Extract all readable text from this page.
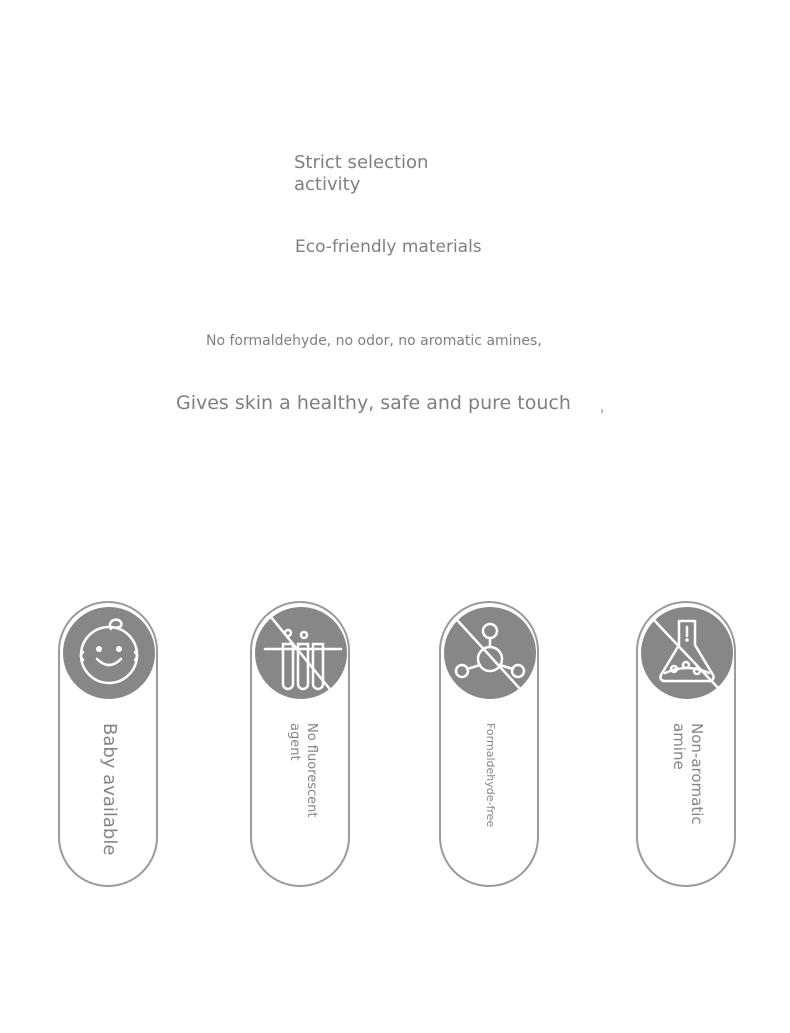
Strict selection activity
Eco-friendly materials
No formaldehyde, no odor, no aromatic amines,
Gives skin a healthy, safe and pure touch	›
Baby available	No fluorescent agent	Formaldehyde-free	Non-aromatic amine
